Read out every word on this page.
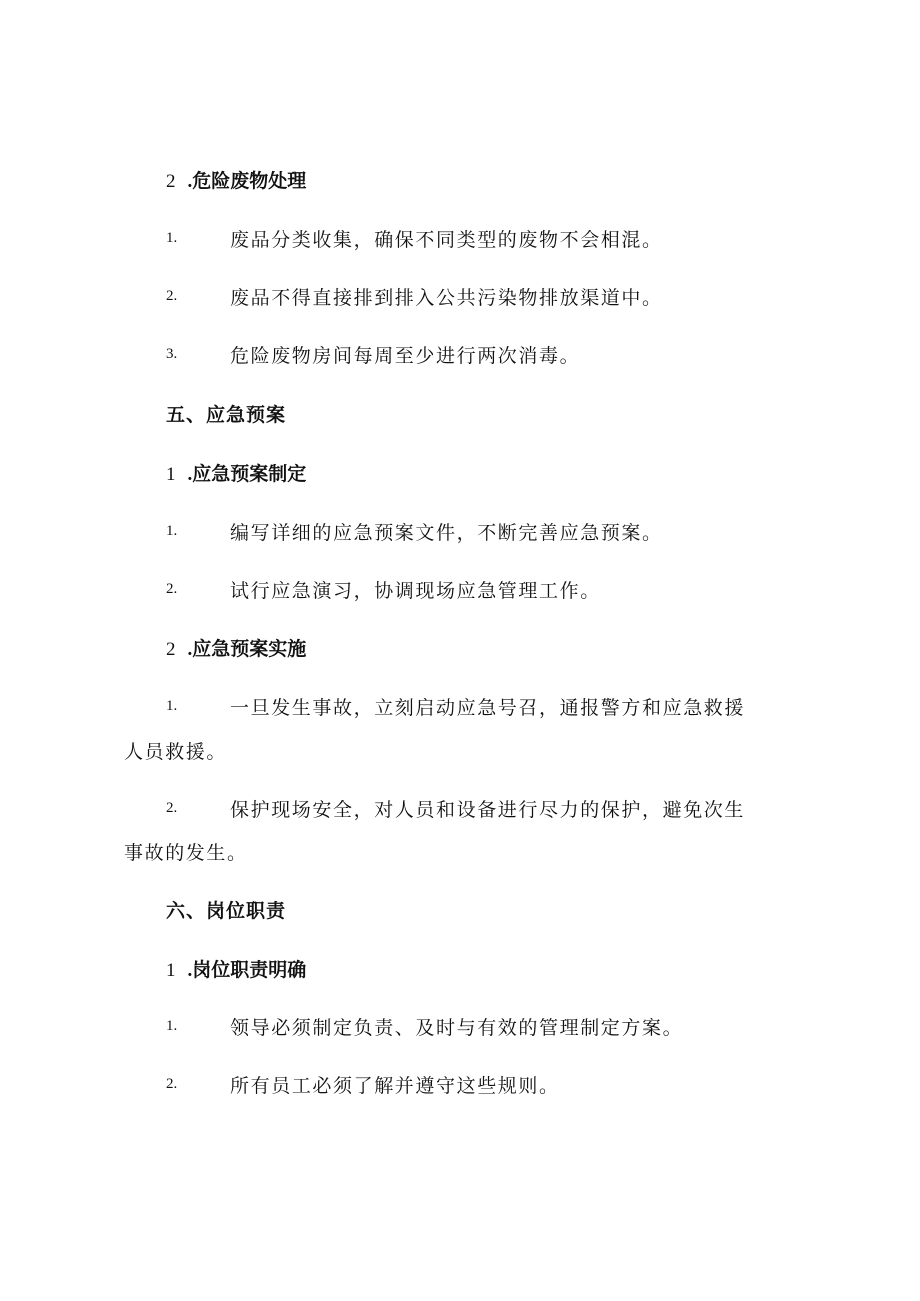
2 .危险废物处理
1.	废品分类收集，确保不同类型的废物不会相混。
2.	废品不得直接排到排入公共污染物排放渠道中。
3.	危险废物房间每周至少进行两次消毒。
五、应急预案
1 .应急预案制定
1.	编写详细的应急预案文件，不断完善应急预案。
2.	试行应急演习，协调现场应急管理工作。
2 .应急预案实施
1.	一旦发生事故，立刻启动应急号召，通报警方和应急救援
人员救援。
2.	保护现场安全，对人员和设备进行尽力的保护，避免次生
事故的发生。
六、岗位职责
1 .岗位职责明确
1.	领导必须制定负责、及时与有效的管理制定方案。
2.	所有员工必须了解并遵守这些规则。
